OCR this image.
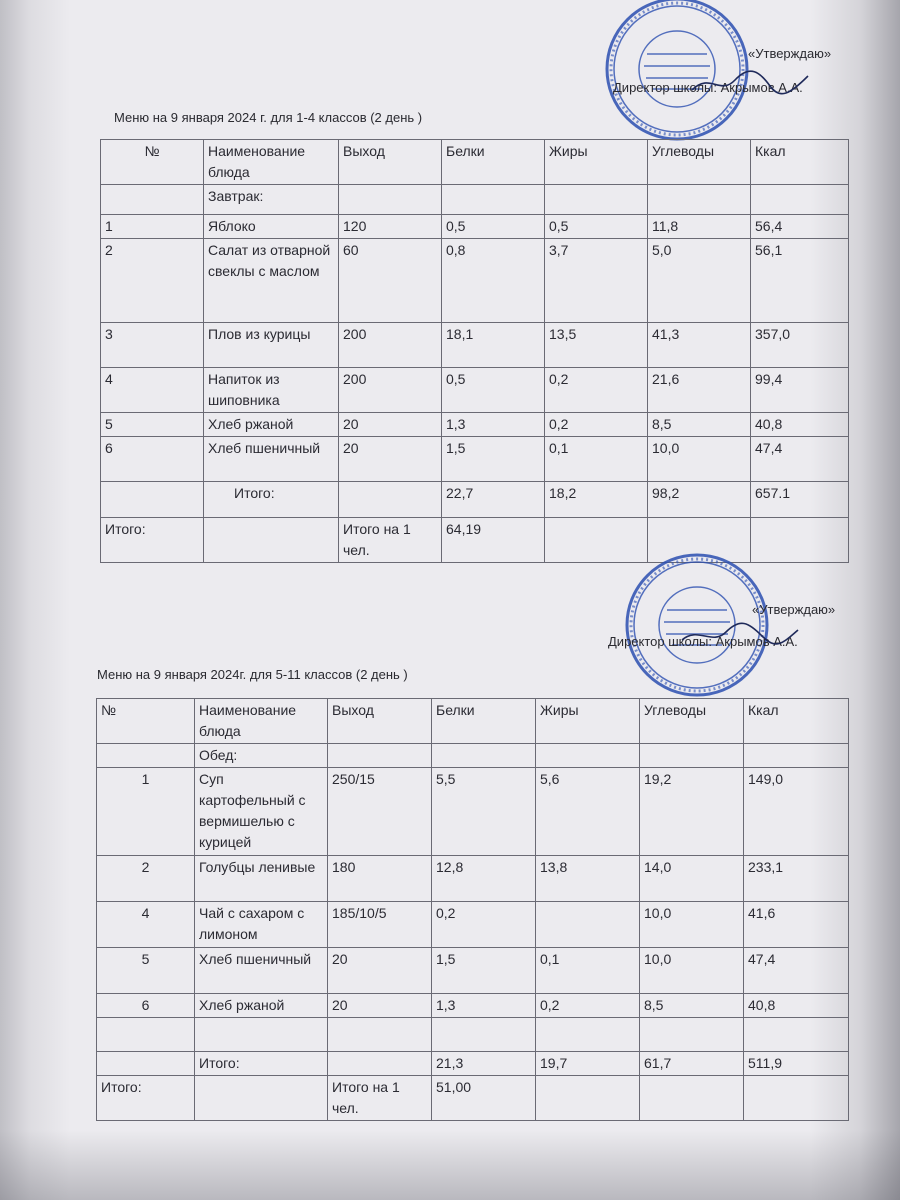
«Утверждаю»
Директор школы: Акрымов А.А.
Меню на 9 января 2024 г. для 1-4 классов (2 день )
№	Наименование блюда	Выход	Белки	Жиры	Углеводы	Ккал
	Завтрак:					
1	Яблоко	120	0,5	0,5	11,8	56,4
2	Салат из отварной свеклы с маслом	60	0,8	3,7	5,0	56,1
3	Плов из курицы	200	18,1	13,5	41,3	357,0
4	Напиток из шиповника	200	0,5	0,2	21,6	99,4
5	Хлеб ржаной	20	1,3	0,2	8,5	40,8
6	Хлеб пшеничный	20	1,5	0,1	10,0	47,4
	Итого:		22,7	18,2	98,2	657.1
Итого:		Итого на 1 чел.	64,19			
«Утверждаю»
Директор школы: Акрымов А.А.
Меню на 9 января 2024г. для 5-11 классов (2 день )
№	Наименование блюда	Выход	Белки	Жиры	Углеводы	Ккал
	Обед:					
1	Суп картофельный с вермишелью с курицей	250/15	5,5	5,6	19,2	149,0
2	Голубцы ленивые	180	12,8	13,8	14,0	233,1
4	Чай с сахаром с лимоном	185/10/5	0,2		10,0	41,6
5	Хлеб пшеничный	20	1,5	0,1	10,0	47,4
6	Хлеб ржаной	20	1,3	0,2	8,5	40,8

	Итого:		21,3	19,7	61,7	511,9
Итого:		Итого на 1 чел.	51,00			
